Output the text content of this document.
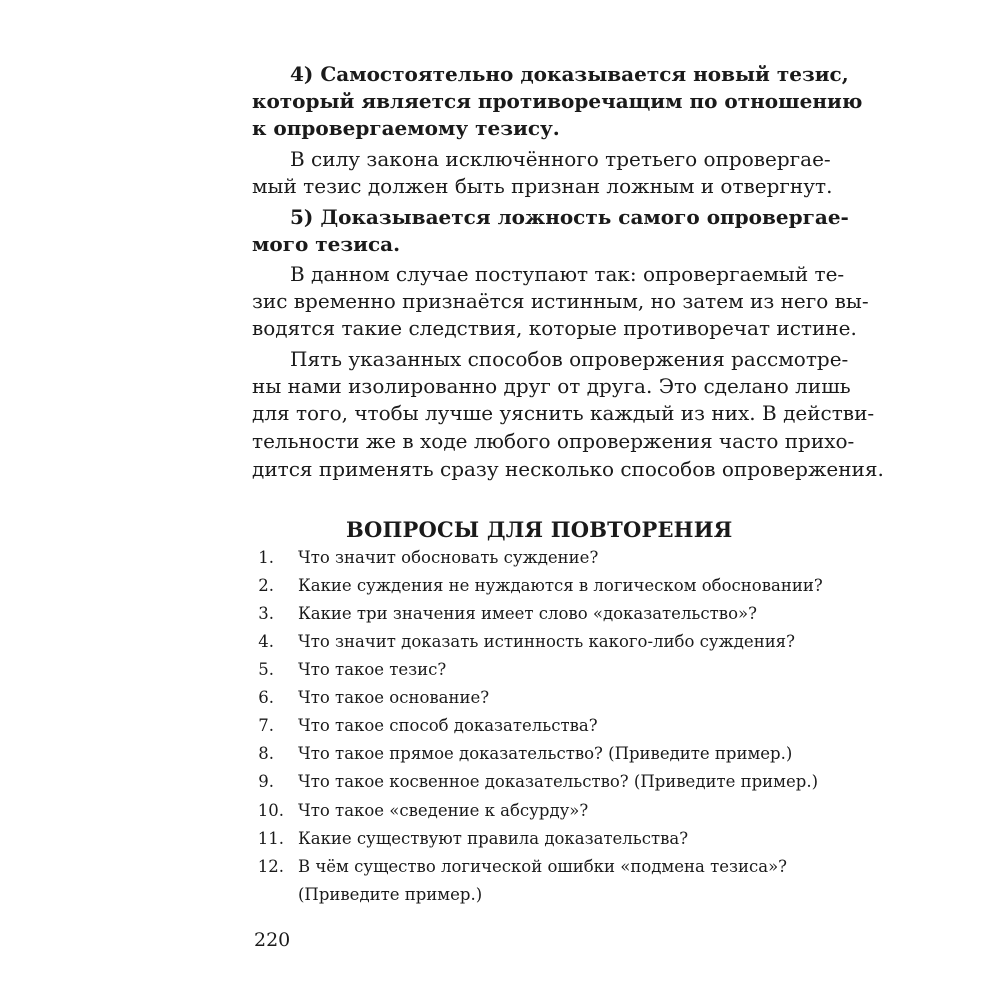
4) Самостоятельно доказывается новый тезис,
который является противоречащим по отношению
к опровергаемому тезису.
В силу закона исключённого третьего опровергае-
мый тезис должен быть признан ложным и отвергнут.
5) Доказывается ложность самого опровергае-
мого тезиса.
В данном случае поступают так: опровергаемый те-
зис временно признаётся истинным, но затем из него вы-
водятся такие следствия, которые противоречат истине.
Пять указанных способов опровержения рассмотре-
ны нами изолированно друг от друга. Это сделано лишь
для того, чтобы лучше уяснить каждый из них. В действи-
тельности же в ходе любого опровержения часто прихо-
дится применять сразу несколько способов опровержения.
ВОПРОСЫ ДЛЯ ПОВТОРЕНИЯ
1. Что значит обосновать суждение?
2. Какие суждения не нуждаются в логическом обосновании?
3. Какие три значения имеет слово «доказательство»?
4. Что значит доказать истинность какого-либо суждения?
5. Что такое тезис?
6. Что такое основание?
7. Что такое способ доказательства?
8. Что такое прямое доказательство? (Приведите пример.)
9. Что такое косвенное доказательство? (Приведите пример.)
10. Что такое «сведение к абсурду»?
11. Какие существуют правила доказательства?
12. В чём существо логической ошибки «подмена тезиса»?
(Приведите пример.)
220
